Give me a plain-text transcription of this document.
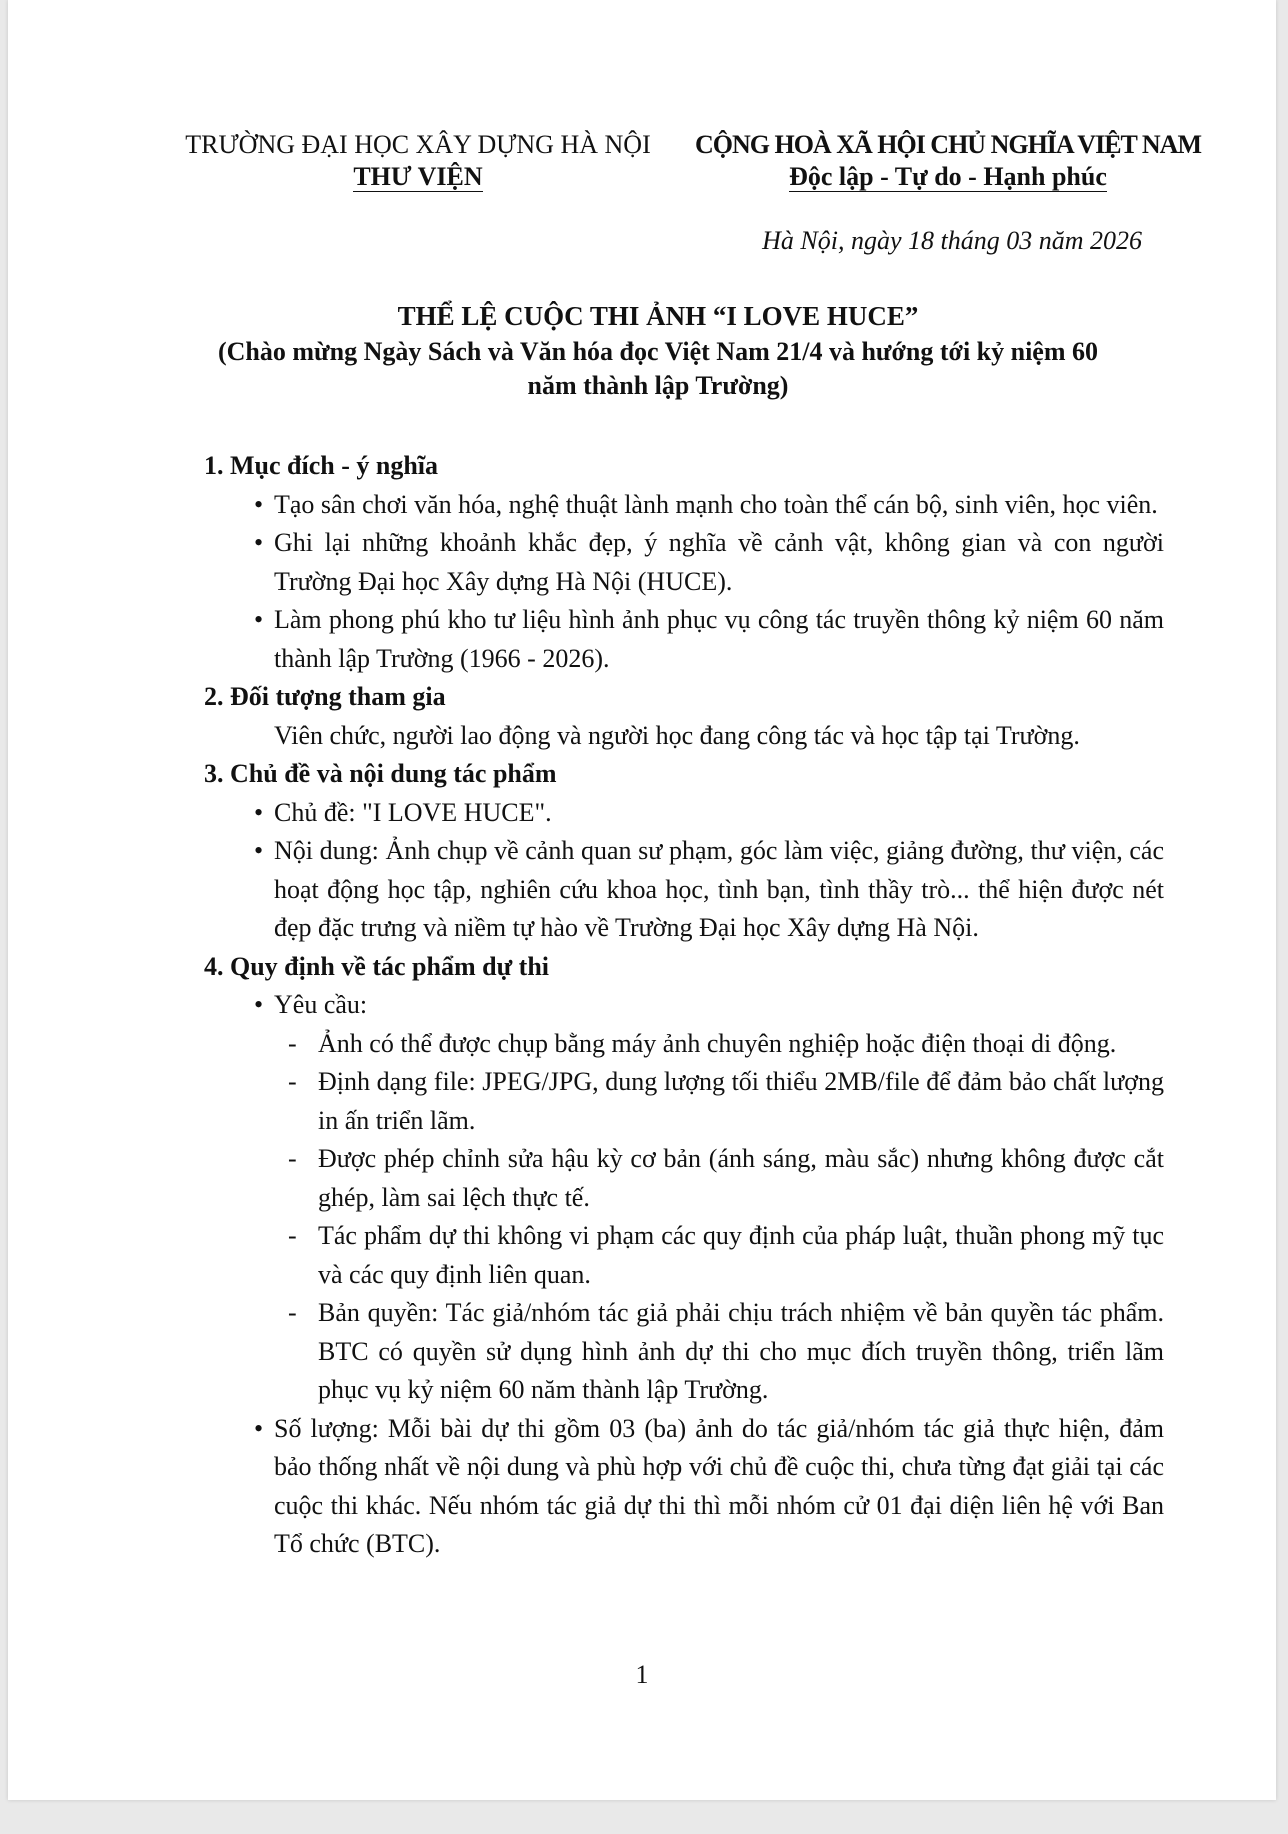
TRƯỜNG ĐẠI HỌC XÂY DỰNG HÀ NỘI
THƯ VIỆN
CỘNG HOÀ XÃ HỘI CHỦ NGHĨA VIỆT NAM
Độc lập - Tự do - Hạnh phúc
Hà Nội, ngày 18 tháng 03 năm 2026
THỂ LỆ CUỘC THI ẢNH “I LOVE HUCE”
(Chào mừng Ngày Sách và Văn hóa đọc Việt Nam 21/4 và hướng tới kỷ niệm 60
năm thành lập Trường)
1. Mục đích - ý nghĩa
• Tạo sân chơi văn hóa, nghệ thuật lành mạnh cho toàn thể cán bộ, sinh viên, học viên.
• Ghi lại những khoảnh khắc đẹp, ý nghĩa về cảnh vật, không gian và con người Trường Đại học Xây dựng Hà Nội (HUCE).
• Làm phong phú kho tư liệu hình ảnh phục vụ công tác truyền thông kỷ niệm 60 năm thành lập Trường (1966 - 2026).
2. Đối tượng tham gia
Viên chức, người lao động và người học đang công tác và học tập tại Trường.
3. Chủ đề và nội dung tác phẩm
• Chủ đề: "I LOVE HUCE".
• Nội dung: Ảnh chụp về cảnh quan sư phạm, góc làm việc, giảng đường, thư viện, các hoạt động học tập, nghiên cứu khoa học, tình bạn, tình thầy trò... thể hiện được nét đẹp đặc trưng và niềm tự hào về Trường Đại học Xây dựng Hà Nội.
4. Quy định về tác phẩm dự thi
• Yêu cầu:
- Ảnh có thể được chụp bằng máy ảnh chuyên nghiệp hoặc điện thoại di động.
- Định dạng file: JPEG/JPG, dung lượng tối thiểu 2MB/file để đảm bảo chất lượng in ấn triển lãm.
- Được phép chỉnh sửa hậu kỳ cơ bản (ánh sáng, màu sắc) nhưng không được cắt ghép, làm sai lệch thực tế.
- Tác phẩm dự thi không vi phạm các quy định của pháp luật, thuần phong mỹ tục và các quy định liên quan.
- Bản quyền: Tác giả/nhóm tác giả phải chịu trách nhiệm về bản quyền tác phẩm. BTC có quyền sử dụng hình ảnh dự thi cho mục đích truyền thông, triển lãm phục vụ kỷ niệm 60 năm thành lập Trường.
• Số lượng: Mỗi bài dự thi gồm 03 (ba) ảnh do tác giả/nhóm tác giả thực hiện, đảm bảo thống nhất về nội dung và phù hợp với chủ đề cuộc thi, chưa từng đạt giải tại các cuộc thi khác. Nếu nhóm tác giả dự thi thì mỗi nhóm cử 01 đại diện liên hệ với Ban Tổ chức (BTC).
1
